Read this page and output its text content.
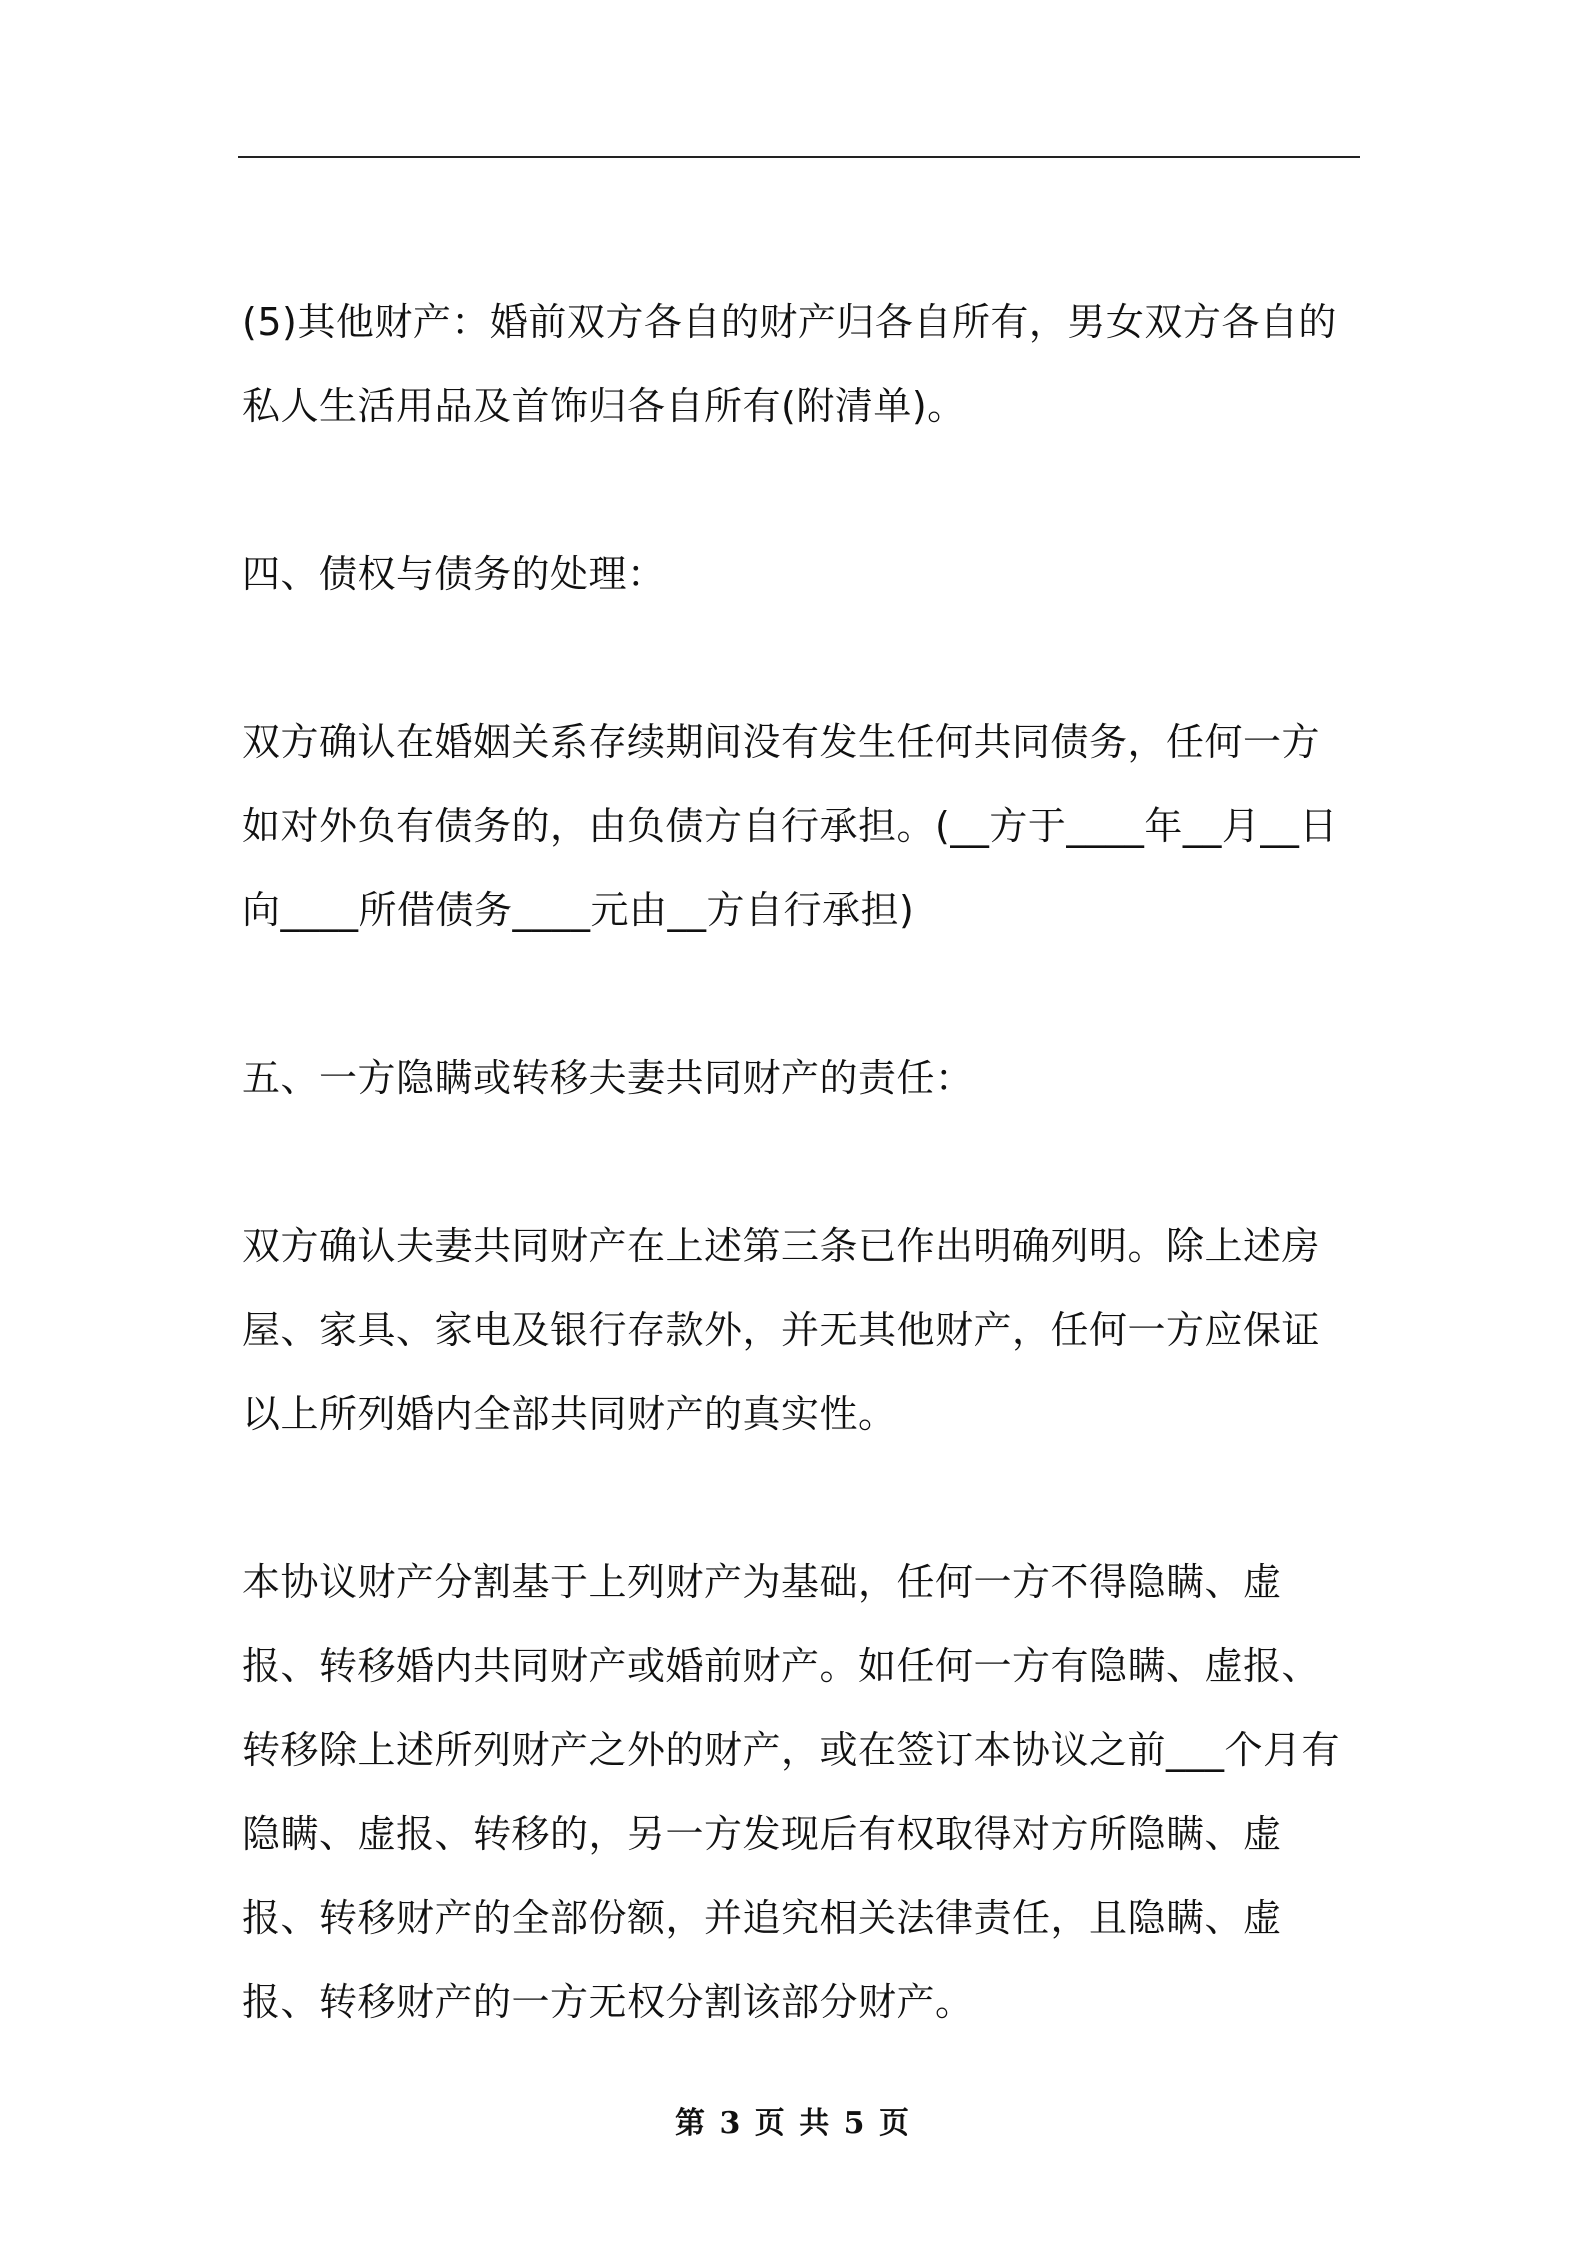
(5)其他财产：婚前双方各自的财产归各自所有，男女双方各自的私人生活用品及首饰归各自所有(附清单)。

四、债权与债务的处理：

双方确认在婚姻关系存续期间没有发生任何共同债务，任何一方如对外负有债务的，由负债方自行承担。(__方于____年__月__日向____所借债务____元由__方自行承担)

五、一方隐瞒或转移夫妻共同财产的责任：

双方确认夫妻共同财产在上述第三条已作出明确列明。除上述房屋、家具、家电及银行存款外，并无其他财产，任何一方应保证以上所列婚内全部共同财产的真实性。

本协议财产分割基于上列财产为基础，任何一方不得隐瞒、虚报、转移婚内共同财产或婚前财产。如任何一方有隐瞒、虚报、转移除上述所列财产之外的财产，或在签订本协议之前___个月有隐瞒、虚报、转移的，另一方发现后有权取得对方所隐瞒、虚报、转移财产的全部份额，并追究相关法律责任，且隐瞒、虚报、转移财产的一方无权分割该部分财产。

第 3 页 共 5 页
